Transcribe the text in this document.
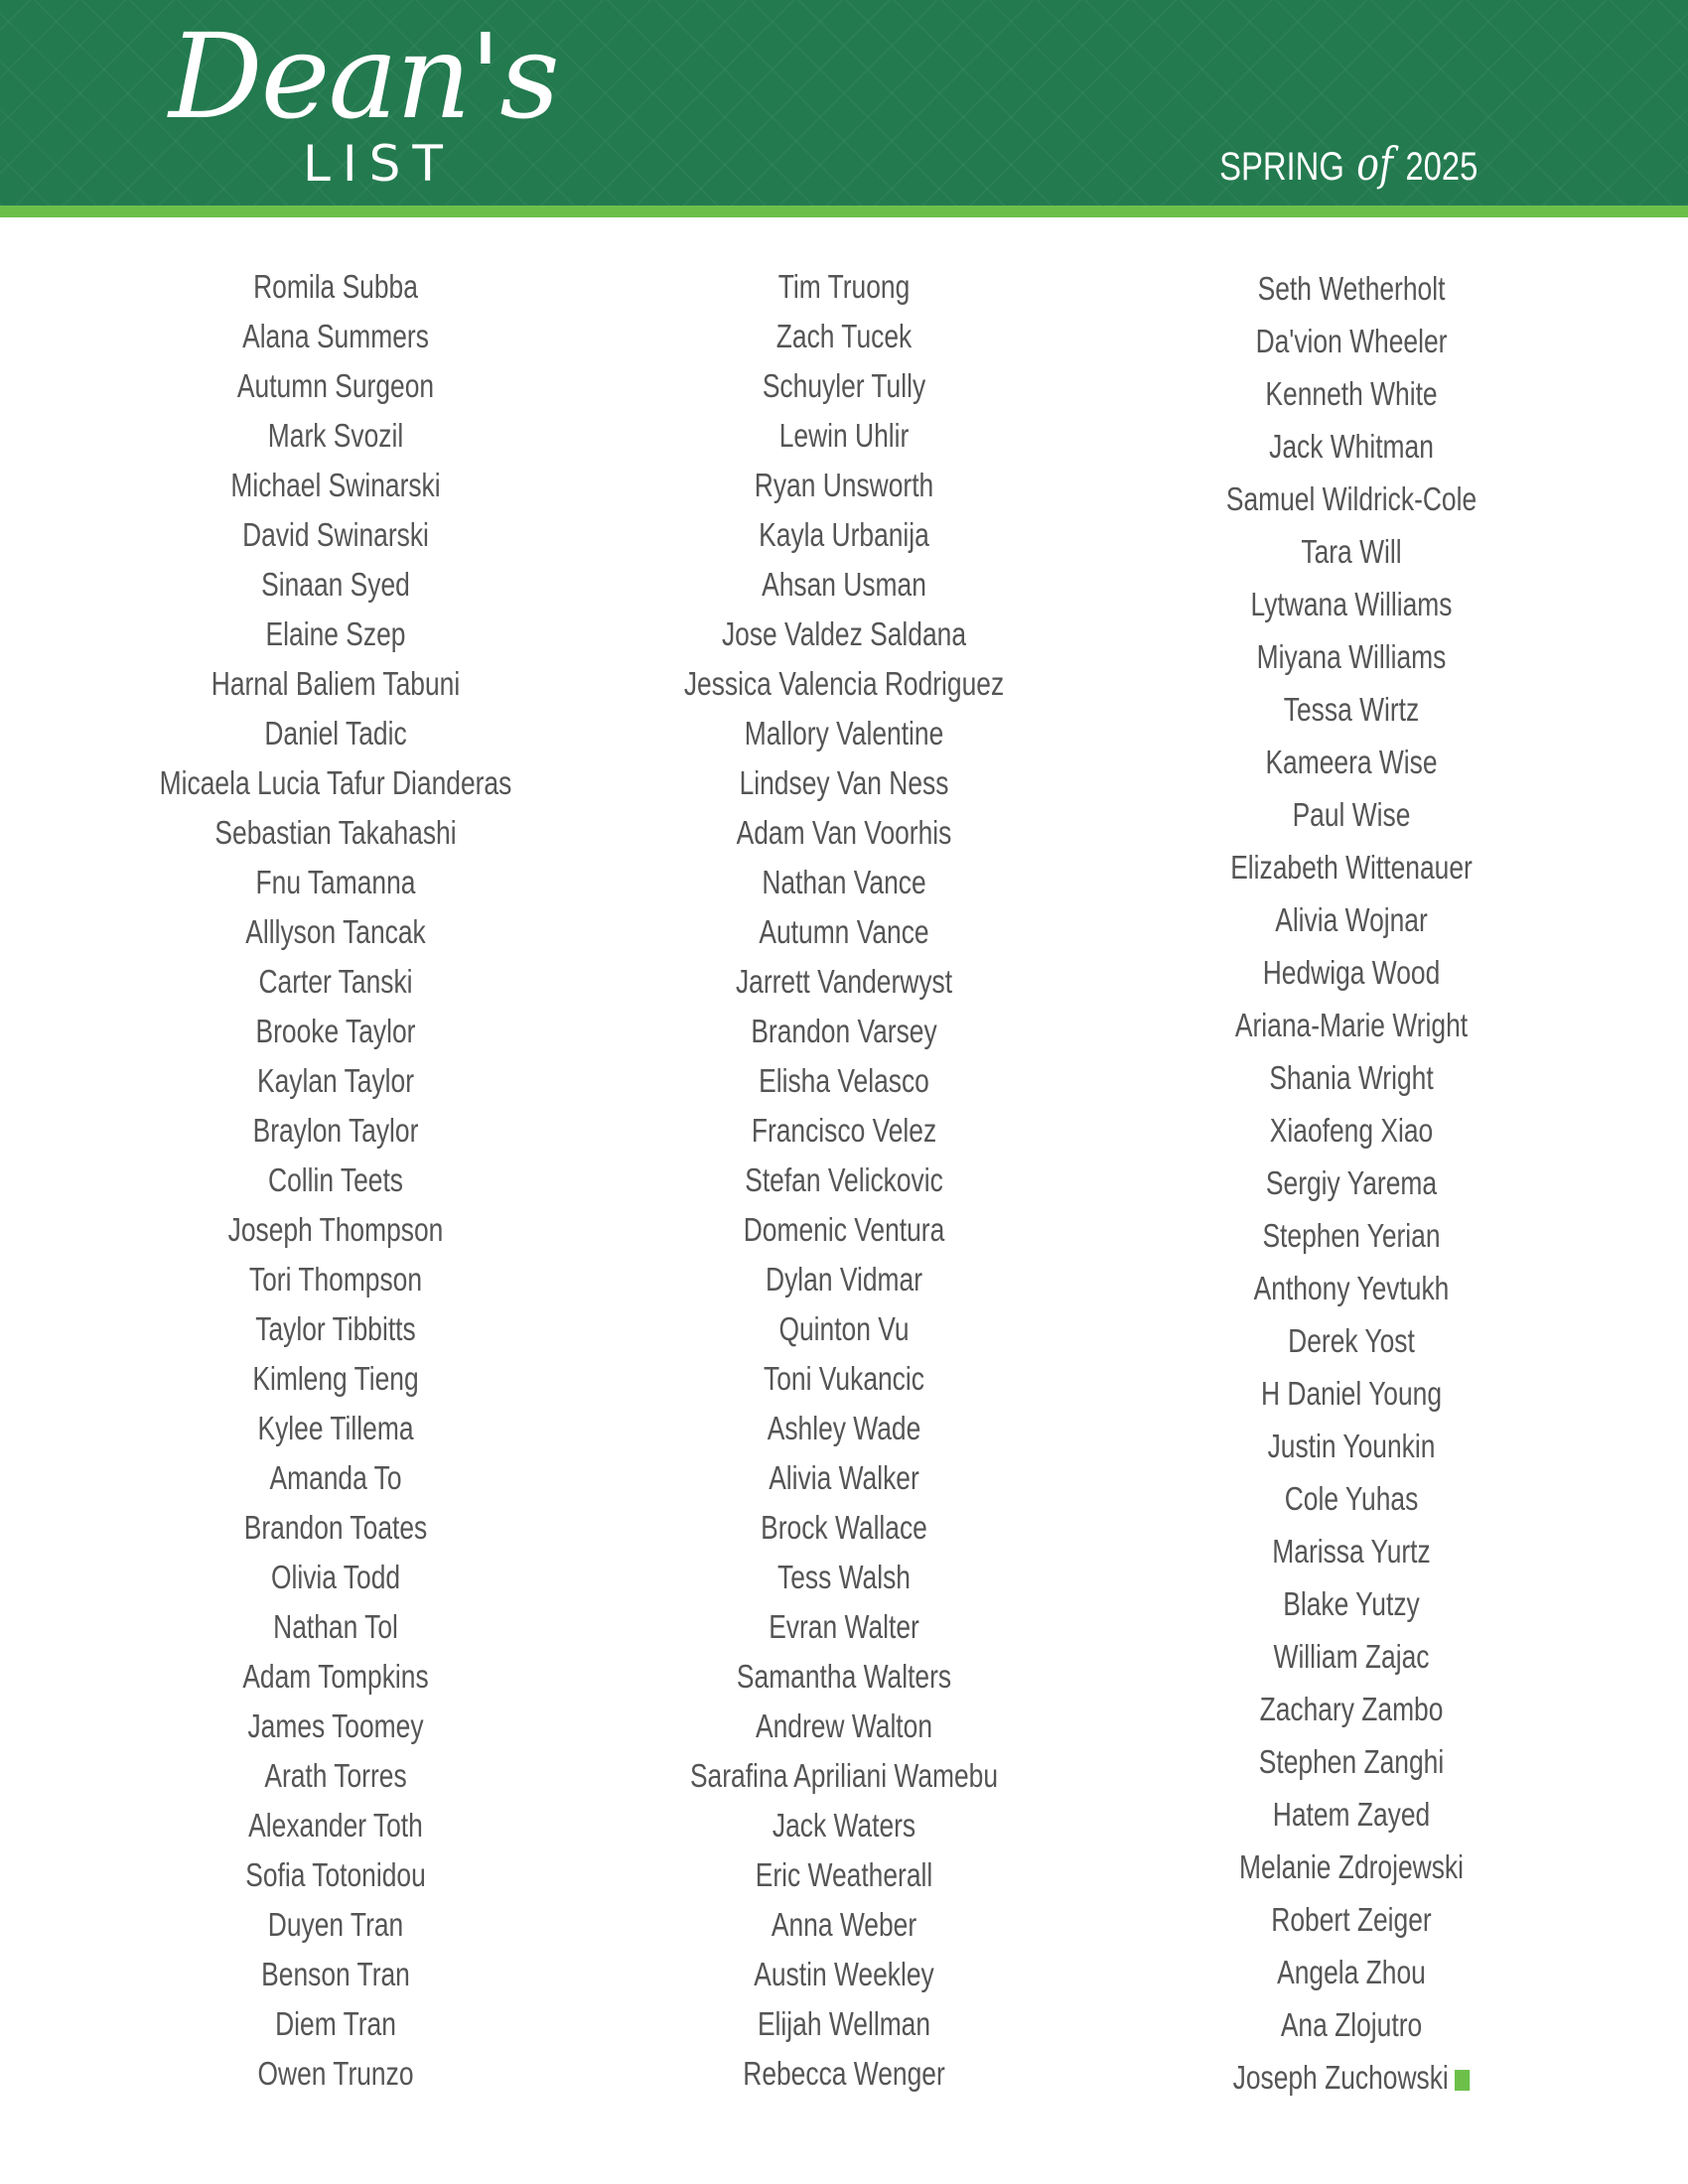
Dean's
LIST	SPRING of 2025
Romila Subba
Alana Summers
Autumn Surgeon
Mark Svozil
Michael Swinarski
David Swinarski
Sinaan Syed
Elaine Szep
Harnal Baliem Tabuni
Daniel Tadic
Micaela Lucia Tafur Dianderas
Sebastian Takahashi
Fnu Tamanna
Alllyson Tancak
Carter Tanski
Brooke Taylor
Kaylan Taylor
Braylon Taylor
Collin Teets
Joseph Thompson
Tori Thompson
Taylor Tibbitts
Kimleng Tieng
Kylee Tillema
Amanda To
Brandon Toates
Olivia Todd
Nathan Tol
Adam Tompkins
James Toomey
Arath Torres
Alexander Toth
Sofia Totonidou
Duyen Tran
Benson Tran
Diem Tran
Owen Trunzo
Tim Truong
Zach Tucek
Schuyler Tully
Lewin Uhlir
Ryan Unsworth
Kayla Urbanija
Ahsan Usman
Jose Valdez Saldana
Jessica Valencia Rodriguez
Mallory Valentine
Lindsey Van Ness
Adam Van Voorhis
Nathan Vance
Autumn Vance
Jarrett Vanderwyst
Brandon Varsey
Elisha Velasco
Francisco Velez
Stefan Velickovic
Domenic Ventura
Dylan Vidmar
Quinton Vu
Toni Vukancic
Ashley Wade
Alivia Walker
Brock Wallace
Tess Walsh
Evran Walter
Samantha Walters
Andrew Walton
Sarafina Apriliani Wamebu
Jack Waters
Eric Weatherall
Anna Weber
Austin Weekley
Elijah Wellman
Rebecca Wenger
Seth Wetherholt
Da'vion Wheeler
Kenneth White
Jack Whitman
Samuel Wildrick-Cole
Tara Will
Lytwana Williams
Miyana Williams
Tessa Wirtz
Kameera Wise
Paul Wise
Elizabeth Wittenauer
Alivia Wojnar
Hedwiga Wood
Ariana-Marie Wright
Shania Wright
Xiaofeng Xiao
Sergiy Yarema
Stephen Yerian
Anthony Yevtukh
Derek Yost
H Daniel Young
Justin Younkin
Cole Yuhas
Marissa Yurtz
Blake Yutzy
William Zajac
Zachary Zambo
Stephen Zanghi
Hatem Zayed
Melanie Zdrojewski
Robert Zeiger
Angela Zhou
Ana Zlojutro
Joseph Zuchowski
